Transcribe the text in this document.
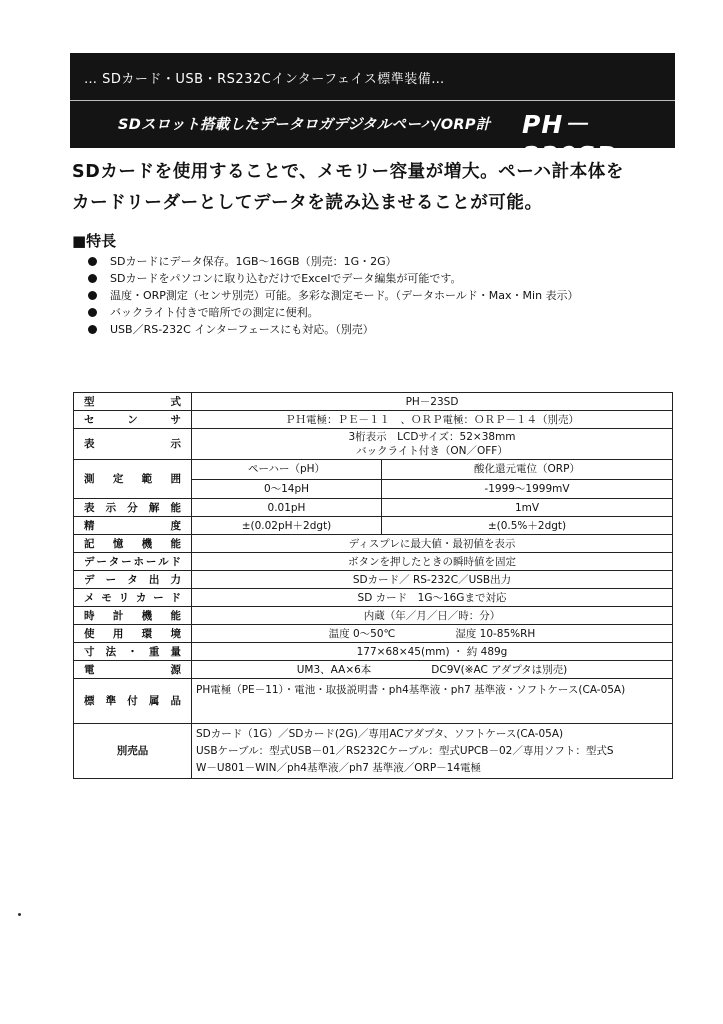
… SDカード・USB・RS232Cインターフェイス標準装備…
SDスロット搭載したデータロガデジタルペーハ/ORP計 PH－230SD
SDカードを使用することで、メモリー容量が増大。ペーハ計本体を
カードリーダーとしてデータを読み込ませることが可能。
■特長
SDカードにデータ保存。1GB～16GB（別売：1G・2G）
SDカードをパソコンに取り込むだけでExcelでデータ編集が可能です。
温度・ORP測定（センサ別売）可能。多彩な測定モード。（データホールド・Max・Min 表示）
バックライト付きで暗所での測定に便利。
USB／RS-232C インターフェースにも対応。（別売）
型　式	PH－23SD	
セ　ン　サ	ＰＨ電極：ＰＥ－１１　、ＯＲＰ電極：ＯＲＰ－１４（別売）	
表　　示	3桁表示　LCDサイズ：52×38mm
バックライト付き（ON／OFF）	

測定範囲	ペーハー（pH）	酸化還元電位（ORP）
	0～14pH	-1999～1999mV
表示分解能	0.01pH	1mV
精　　度	±(0.02pH＋2dgt)	±(0.5%＋2dgt)
記憶機能	ディスプレに最大値・最初値を表示	
データーホールド	ボタンを押したときの瞬時値を固定	
データ出力	SDカード／ RS-232C／USB出力	
メモリカード	SD カード　1G～16Gまで対応	
時計機能	内蔵（年／月／日／時：分）	
使用環境	温度 0～50℃ 湿度 10-85%RH	

寸法・重量	177×68×45(mm) ・ 約 489g	
電　　源	UM3、AA×6本 DC9V(※AC アダプタは別売)	

標準付属品	PH電極（PE－11）・電池・取扱説明書・ph4基準液・ph7 基準液・ソフトケース(CA-05A)	
別売品	SDカード（1G）／SDカード(2G)／専用ACアダプタ、ソフトケース(CA-05A)
USBケーブル：型式USB－01／RS232Cケーブル：型式UPCB－02／専用ソフト：型式S
W－U801－WIN／ph4基準液／ph7 基準液／ORP－14電極	
